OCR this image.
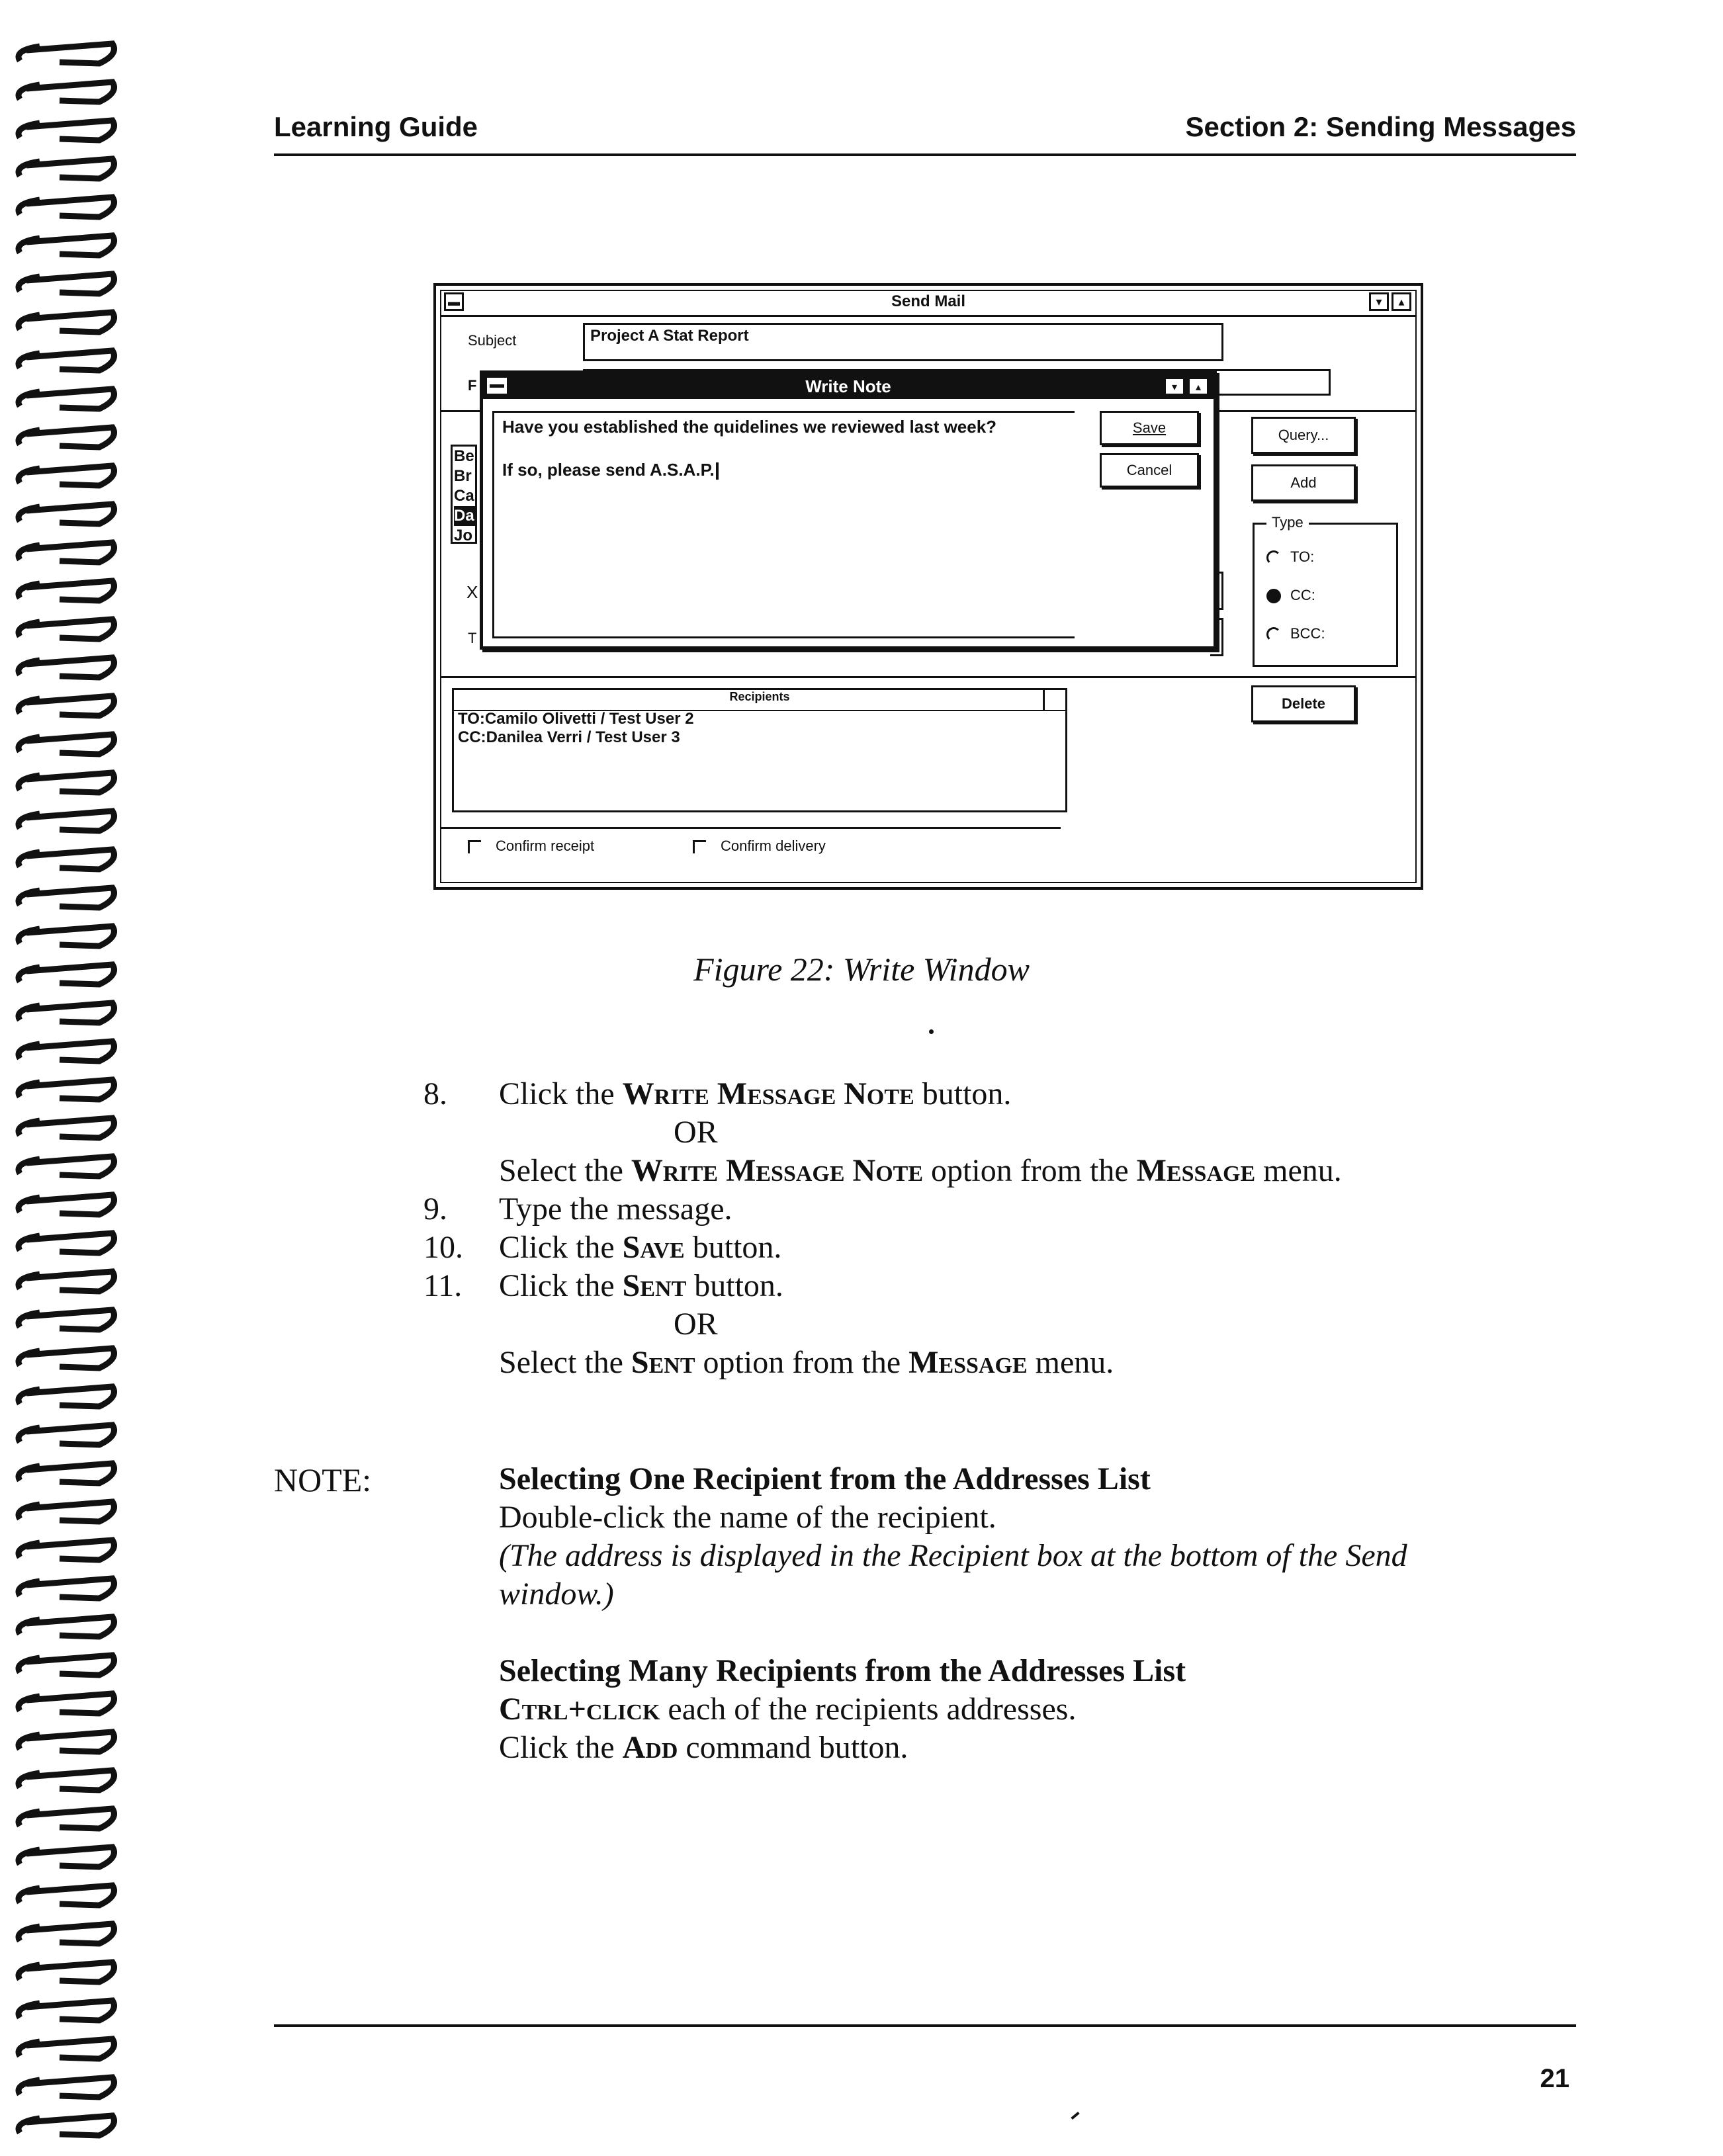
Learning Guide	Section 2: Sending Messages
▬	Send Mail	▾	▴
Subject	Project A Stat Report
F
Be
Br
Ca
Da
Jo
X
T
Query...
Add
Type
TO:
CC:
BCC:
Delete
Recipients
TO:Camilo Olivetti / Test User 2
CC:Danilea Verri / Test User 3
Confirm receipt	Confirm delivery
Write Note	▾	▴

Have you established the quidelines we reviewed last week?

If so, please send A.S.A.P.

Save
Cancel
Figure 22: Write Window
8. Click the Write Message Note button.
OR
Select the Write Message Note option from the Message menu.
9. Type the message.
10. Click the Save button.
11. Click the Sent button.
OR
Select the Sent option from the Message menu.
NOTE:	Selecting One Recipient from the Addresses List
Double-click the name of the recipient.
(The address is displayed in the Recipient box at the bottom of the Send
window.)
Selecting Many Recipients from the Addresses List
Ctrl+click each of the recipients addresses.
Click the Add command button.
21
